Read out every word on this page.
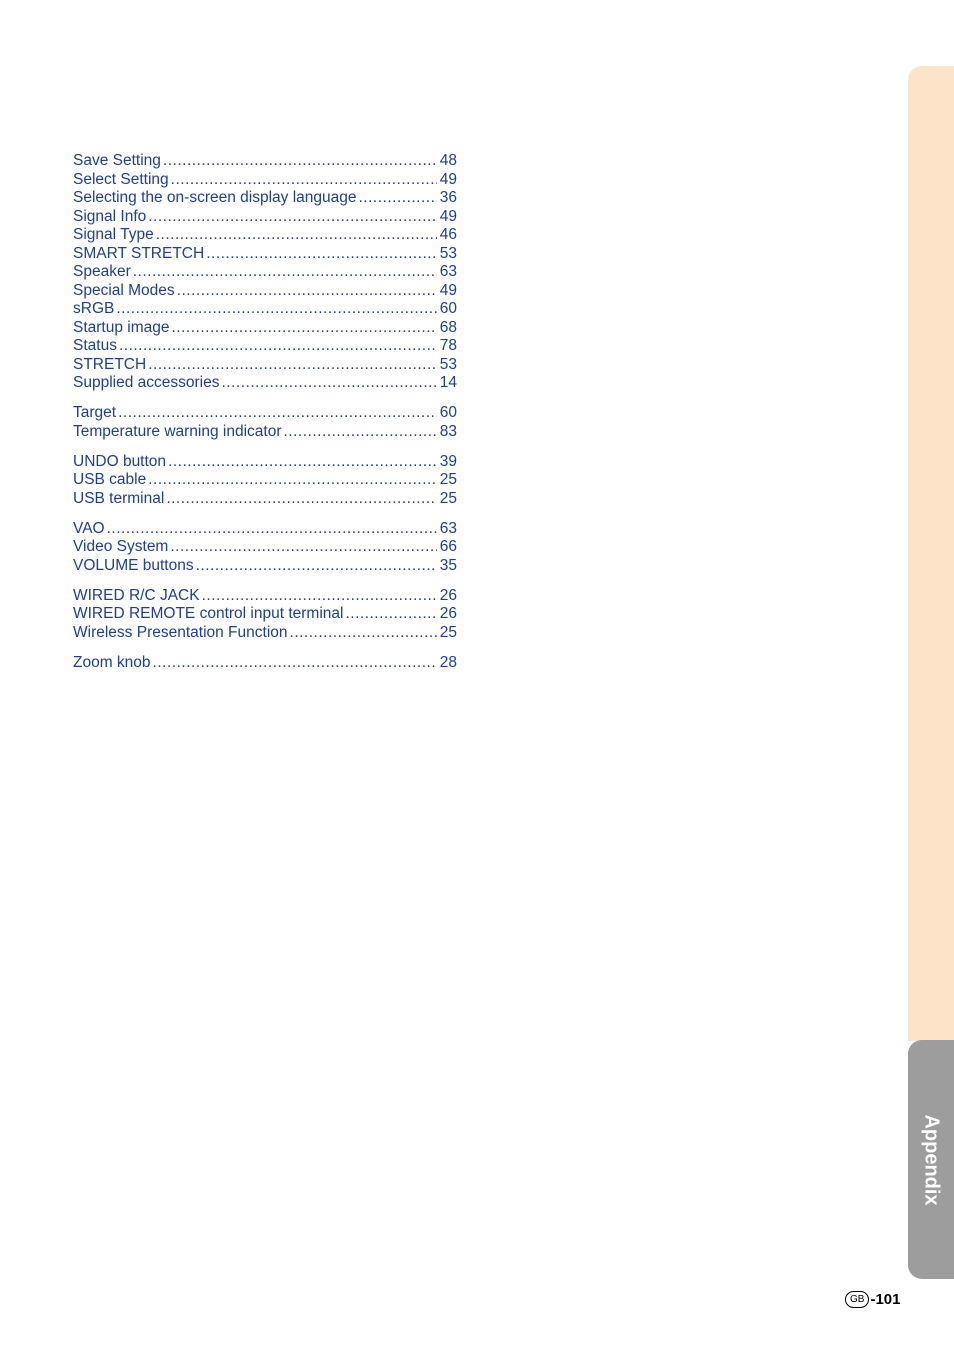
Save Setting .....	48
Select Setting .....	49
Selecting the on-screen display language .....	36
Signal Info .....	49
Signal Type .....	46
SMART STRETCH .....	53
Speaker .....	63
Special Modes .....	49
sRGB .....	60
Startup image .....	68
Status .....	78
STRETCH .....	53
Supplied accessories .....	14
Target .....	60
Temperature warning indicator .....	83
UNDO button .....	39
USB cable .....	25
USB terminal .....	25
VAO .....	63
Video System .....	66
VOLUME buttons .....	35
WIRED R/C JACK .....	26
WIRED REMOTE control input terminal .....	26
Wireless Presentation Function .....	25
Zoom knob .....	28
Appendix
GB -101
